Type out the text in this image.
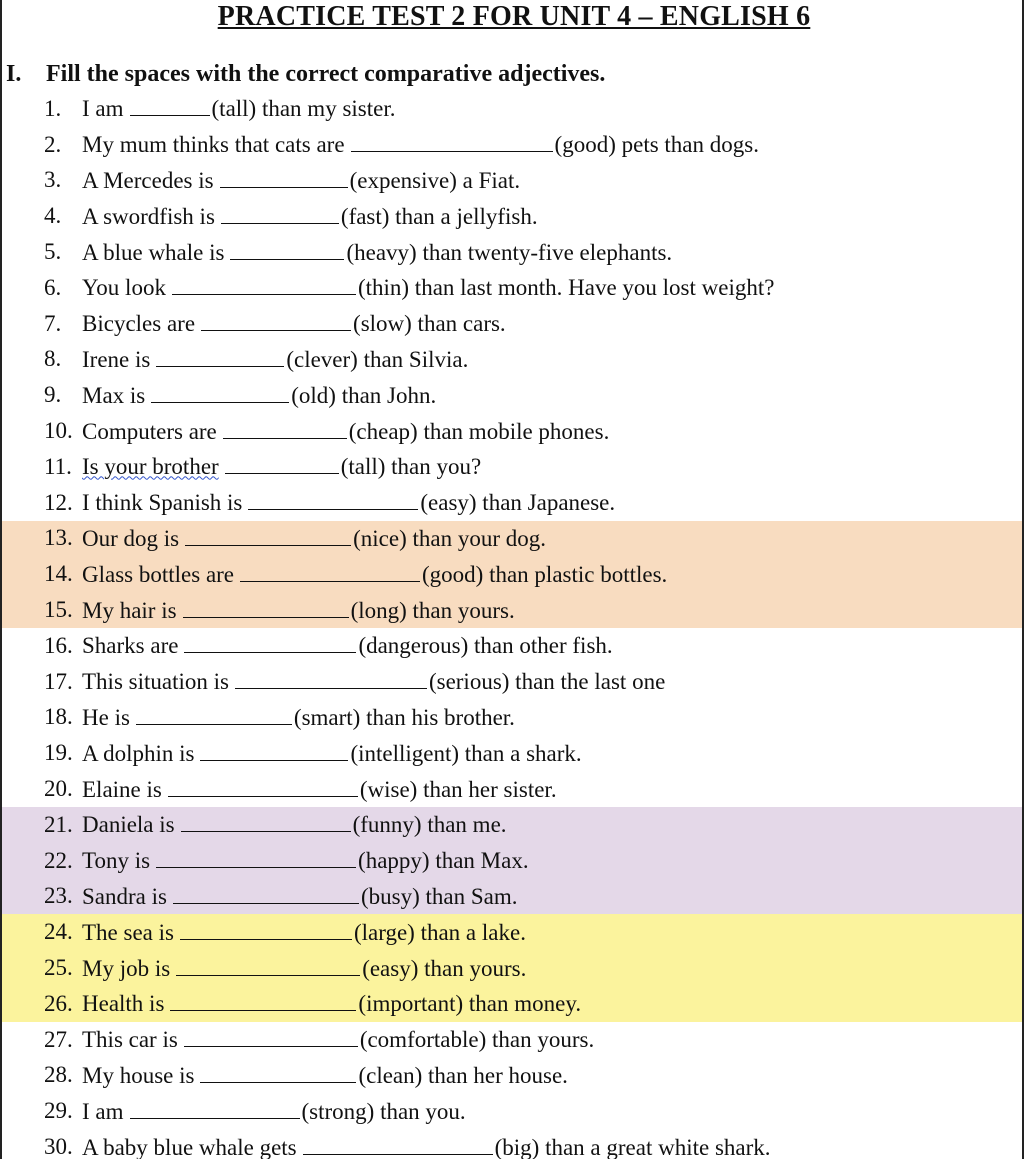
PRACTICE TEST 2 FOR UNIT 4 – ENGLISH 6
I.	Fill the spaces with the correct comparative adjectives.
1. I am	(tall) than my sister.
2. My mum thinks that cats are	(good) pets than dogs.
3. A Mercedes is	(expensive) a Fiat.
4. A swordfish is	(fast) than a jellyfish.
5. A blue whale is	(heavy) than twenty-five elephants.
6. You look	(thin) than last month. Have you lost weight?
7. Bicycles are	(slow) than cars.
8. Irene is	(clever) than Silvia.
9. Max is	(old) than John.
10. Computers are	(cheap) than mobile phones.
11. Is your brother	(tall) than you?
12. I think Spanish is	(easy) than Japanese.
13. Our dog is	(nice) than your dog.
14. Glass bottles are	(good) than plastic bottles.
15. My hair is	(long) than yours.
16. Sharks are	(dangerous) than other fish.
17. This situation is	(serious) than the last one
18. He is	(smart) than his brother.
19. A dolphin is	(intelligent) than a shark.
20. Elaine is	(wise) than her sister.
21. Daniela is	(funny) than me.
22. Tony is	(happy) than Max.
23. Sandra is	(busy) than Sam.
24. The sea is	(large) than a lake.
25. My job is	(easy) than yours.
26. Health is	(important) than money.
27. This car is	(comfortable) than yours.
28. My house is	(clean) than her house.
29. I am	(strong) than you.
30. A baby blue whale gets	(big) than a great white shark.
